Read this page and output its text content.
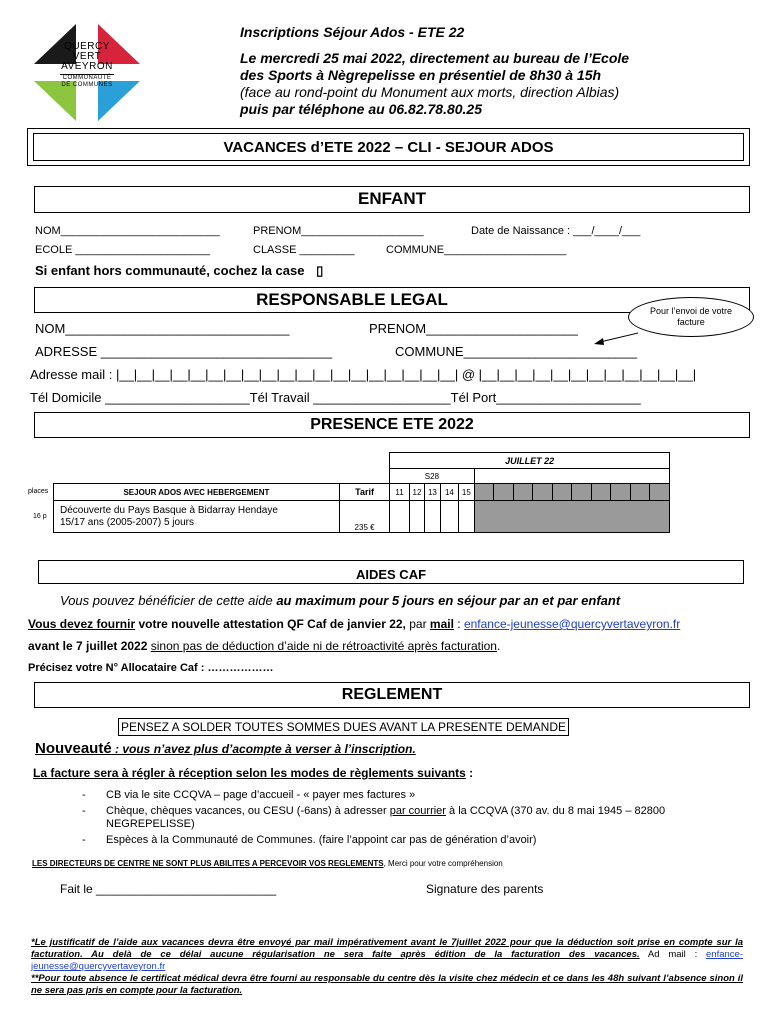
QUERCY
VERT
AVEYRON
COMMUNAUTÉ
DE COMMUNES
Inscriptions Séjour Ados - ETE 22
Le mercredi 25 mai 2022, directement au bureau de l’Ecole
des Sports à Nègrepelisse en présentiel de 8h30 à 15h
(face au rond-point du Monument aux morts, direction Albias)
puis par téléphone au 06.82.78.80.25
VACANCES d’ETE 2022 – CLI - SEJOUR ADOS
ENFANT
NOM__________________________	PRENOM____________________	Date de Naissance : ___/____/___
ECOLE ______________________	CLASSE _________	COMMUNE____________________
Si enfant hors communauté, cochez la case ▯
RESPONSABLE LEGAL
Pour l’envoi de votre facture
NOM_______________________________	PRENOM_____________________
ADRESSE ________________________________	COMMUNE________________________
Adresse mail : |__|__|__|__|__|__|__|__|__|__|__|__|__|__|__|__|__|__|__| @ |__|__|__|__|__|__|__|__|__|__|__|__|
Tél Domicile ____________________Tél Travail ___________________Tél Port____________________
PRESENCE ETE 2022
places
16 p
		JUILLET 22														
		S28														
SEJOUR ADOS AVEC HEBERGEMENT	Tarif	11	12	13	14	15										

Découverte du Pays Basque à Bidarray Hendaye
15/17 ans (2005-2007) 5 jours	235 €															
AIDES CAF
Vous pouvez bénéficier de cette aide au maximum pour 5 jours en séjour par an et par enfant
Vous devez fournir votre nouvelle attestation QF Caf de janvier 22, par mail : enfance-jeunesse@quercyvertaveyron.fr
avant le 7 juillet 2022 sinon pas de déduction d’aide ni de rétroactivité après facturation.
Précisez votre N° Allocataire Caf : ………………
REGLEMENT
PENSEZ A SOLDER TOUTES SOMMES DUES AVANT LA PRESENTE DEMANDE
Nouveauté : vous n’avez plus d’acompte à verser à l’inscription.
La facture sera à régler à réception selon les modes de règlements suivants :
- CB via le site CCQVA – page d’accueil - « payer mes factures »
- Chèque, chèques vacances, ou CESU (-6ans) à adresser par courrier à la CCQVA (370 av. du 8 mai 1945 – 82800 NEGREPELISSE)
- Espèces à la Communauté de Communes. (faire l’appoint car pas de génération d’avoir)
LES DIRECTEURS DE CENTRE NE SONT PLUS ABILITES A PERCEVOIR VOS REGLEMENTS, Merci pour votre compréhension
Fait le ___________________________	Signature des parents
*Le justificatif de l’aide aux vacances devra être envoyé par mail impérativement avant le 7juillet 2022 pour que la déduction soit prise en compte sur la facturation. Au delà de ce délai aucune régularisation ne sera faite après édition de la facturation des vacances. Ad mail : enfance-jeunesse@quercyvertaveyron.fr
**Pour toute absence le certificat médical devra être fourni au responsable du centre dès la visite chez médecin et ce dans les 48h suivant l’absence sinon il ne sera pas pris en compte pour la facturation.
